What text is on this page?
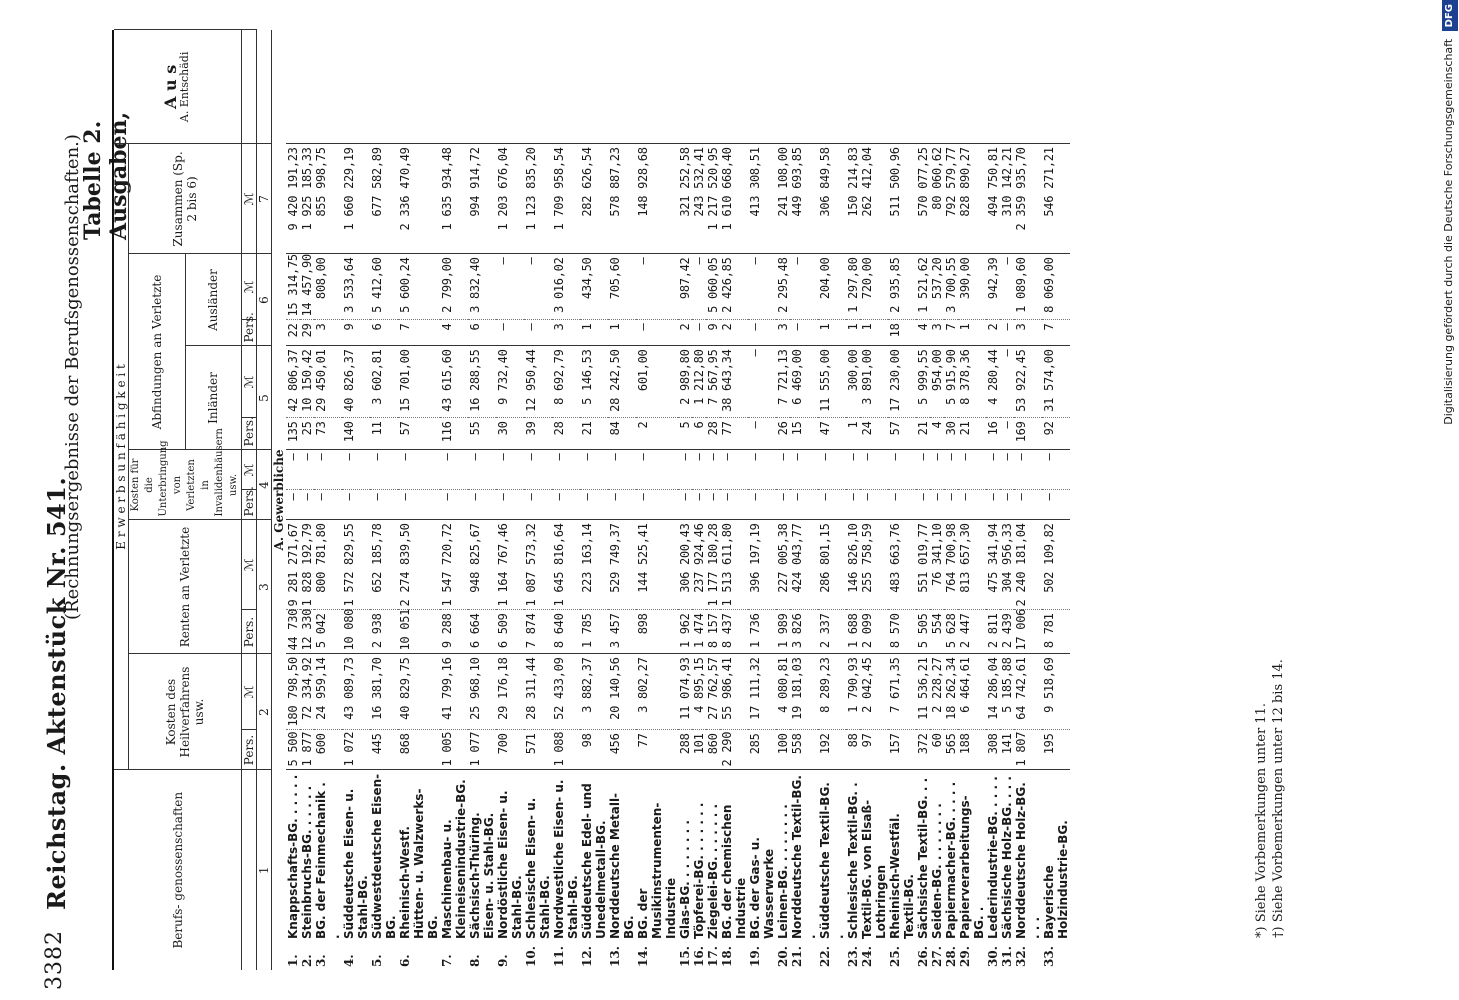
3382
Reichstag. Aktenstück Nr. 541.
(Rechnungsergebnisse der Berufsgenossenschaften.)
Tabelle 2. Ausgaben,
Berufs- genossenschaften		E r w e r b s u n f ä h i g k e i t											A u s
A. Entschädi

		Kosten des Heilverfahrens usw.		Renten an Verletzte		Kosten für die Unterbringung von Verletzten in Invalidenhäusern usw.		Abfindungen an Verletzte				Zusammen (Sp. 2 bis 6)	
								Inländer		Ausländer			
		Pers.	ℳ	Pers.	ℳ	Pers.	ℳ	Pers.	ℳ	Pers.	ℳ	ℳ	
1		2		3		4		5		6		7	
A. Gewerbliche													
1.	Knappschafts-BG. . . . . .	5 500	180 798,50	44 730	9 281 271,67	—	—	135	42 806,37	22	15 314,75	9 420 191,23	
2.	Steinbruchs-BG. . . . . .	1 877	72 334,92	12 330	1 828 192,79	—	—	25	10 150,42	29	14 457,90	1 925 185,33	
3.	BG. der Feinmechanik . .	600	24 959,14	5 042	800 781,80	—	—	73	29 450,01	3	808,00	855 998,75	
4.	Süddeutsche Eisen- u. Stahl-BG.	1 072	43 089,73	10 080	1 572 829,55	—	—	140	40 826,37	9	3 533,64	1 660 229,19	
5.	Südwestdeutsche Eisen-BG.	445	16 381,70	2 938	652 185,78	—	—	11	3 602,81	6	5 412,60	677 582,89	
6.	Rheinisch-Westf. Hütten- u. Walzwerks-BG.	868	40 829,75	10 051	2 274 839,50	—	—	57	15 701,00	7	5 600,24	2 336 470,49	
7.	Maschinenbau- u. Kleineisenindustrie-BG.	1 005	41 799,16	9 288	1 547 720,72	—	—	116	43 615,60	4	2 799,00	1 635 934,48	
8.	Sächsisch-Thüring. Eisen- u. Stahl-BG.	1 077	25 968,10	6 664	948 825,67	—	—	55	16 288,55	6	3 832,40	994 914,72	
9.	Nordöstliche Eisen- u. Stahl-BG.	700	29 176,18	6 509	1 164 767,46	—	—	30	9 732,40	—	—	1 203 676,04	
10.	Schlesische Eisen- u. Stahl-BG.	571	28 311,44	7 874	1 087 573,32	—	—	39	12 950,44	—	—	1 123 835,20	
11.	Nordwestliche Eisen- u. Stahl-BG.	1 088	52 433,09	8 640	1 645 816,64	—	—	28	8 692,79	3	3 016,02	1 709 958,54	
12.	Süddeutsche Edel- und Unedelmetall-BG.	98	3 882,37	1 785	223 163,14	—	—	21	5 146,53	1	434,50	282 626,54	
13.	Norddeutsche Metall-BG.	456	20 140,56	3 457	529 749,37	—	—	84	28 242,50	1	705,60	578 887,23	
14.	BG. der Musikinstrumenten-Industrie	77	3 802,27	898	144 525,41	—	—	2	601,00	—	—	148 928,68	
15.	Glas-BG. . . . . . . .	288	11 074,93	1 962	306 200,43	—	—	5	2 989,80	2	987,42	321 252,58	
16.	Töpferei-BG. . . . . . .	101	4 895,15	1 474	237 924,46	—	—	6	1 212,80	—	—	243 532,41	
17.	Ziegelei-BG. . . . . . .	860	27 762,57	8 157	1 177 180,28	—	—	28	7 567,95	9	5 060,05	1 217 520,95	
18.	BG. der chemischen Industrie	2 290	55 986,41	8 437	1 513 611,80	—	—	77	38 643,34	2	2 426,85	1 610 668,40	
19.	BG. der Gas- u. Wasserwerke	285	17 111,32	1 736	396 197,19	—	—	—	—	—	—	413 308,51	
20.	Leinen-BG. . . . . . . .	100	4 080,81	1 989	227 005,38	—	—	26	7 721,13	3	2 295,48	241 108,00	
21.	Norddeutsche Textil-BG. .	558	19 181,03	3 826	424 043,77	—	—	15	6 469,00	—	—	449 693,85	
22.	Süddeutsche Textil-BG. .	192	8 289,23	2 337	286 801,15	—	—	47	11 555,00	1	204,00	306 849,58	
23.	Schlesische Textil-BG. .	88	1 790,93	1 688	146 826,10	—	—	1	300,00	1	1 297,80	150 214,83	
24.	Textil-BG. von Elsaß-Lothringen	97	2 042,45	2 099	255 758,59	—	—	24	3 891,00	1	720,00	262 412,04	
25.	Rheinisch-Westfäl. Textil-BG.	157	7 671,35	8 570	483 663,76	—	—	57	17 230,00	18	2 935,85	511 500,96	
26.	Sächsische Textil-BG. . .	372	11 536,21	5 505	551 019,77	—	—	21	5 999,55	4	1 521,62	570 077,25	
27.	Seiden-BG. . . . . . . .	60	2 228,27	554	76 341,10	—	—	4	954,00	3	537,20	80 060,62	
28.	Papiermacher-BG. . . . .	565	18 262,34	5 628	764 700,98	—	—	30	5 915,90	7	3 700,55	792 579,77	
29.	Papierverarbeitungs-BG. .	188	6 464,61	2 447	813 657,30	—	—	21	8 378,36	1	390,00	828 890,27	
30.	Lederindustrie-BG. . . . .	308	14 286,04	2 811	475 341,94	—	—	16	4 280,44	2	942,39	494 750,81	
31.	Sächsische Holz-BG. . . .	141	5 185,88	2 439	304 956,33	—	—	—	—	—	—	310 142,21	
32.	Norddeutsche Holz-BG. . . .	1 807	64 742,61	17 006	2 240 181,04	—	—	169	53 922,45	3	1 089,60	2 359 935,70	
33.	Bayerische Holzindustrie-BG.	195	9 518,69	8 781	502 109,82	—	—	92	31 574,00	7	8 069,00	546 271,21	
*) Siehe Vorbemerkungen unter 11. †) Siehe Vorbemerkungen unter 12 bis 14.
Digitalisierung gefördert durch die Deutsche Forschungsgemeinschaft DFG
